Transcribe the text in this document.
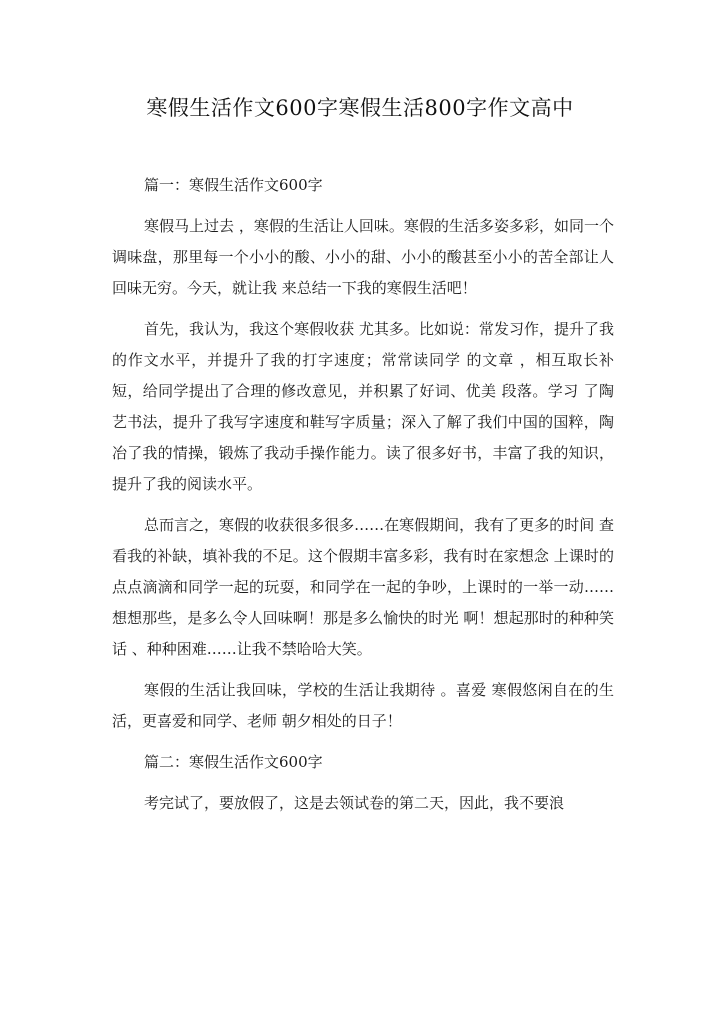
寒假生活作文600字寒假生活800字作文高中
篇一：寒假生活作文600字

寒假马上过去 ，寒假的生活让人回味。寒假的生活多姿多彩，如同一个调味盘，那里每一个小小的酸、小小的甜、小小的酸甚至小小的苦全部让人回味无穷。今天，就让我 来总结一下我的寒假生活吧！

首先，我认为，我这个寒假收获 尤其多。比如说：常发习作，提升了我的作文水平，并提升了我的打字速度；常常读同学 的文章 ，相互取长补短，给同学提出了合理的修改意见，并积累了好词、优美 段落。学习 了陶艺书法，提升了我写字速度和鞋写字质量；深入了解了我们中国的国粹，陶冶了我的情操，锻炼了我动手操作能力。读了很多好书，丰富了我的知识，提升了我的阅读水平。

总而言之，寒假的收获很多很多……在寒假期间，我有了更多的时间 查看我的补缺，填补我的不足。这个假期丰富多彩，我有时在家想念 上课时的点点滴滴和同学一起的玩耍，和同学在一起的争吵，上课时的一举一动……想想那些，是多么令人回味啊！那是多么愉快的时光 啊！想起那时的种种笑话 、种种困难……让我不禁哈哈大笑。

寒假的生活让我回味，学校的生活让我期待 。喜爱 寒假悠闲自在的生活，更喜爱和同学、老师 朝夕相处的日子！

篇二：寒假生活作文600字

考完试了，要放假了，这是去领试卷的第二天，因此，我不要浪
